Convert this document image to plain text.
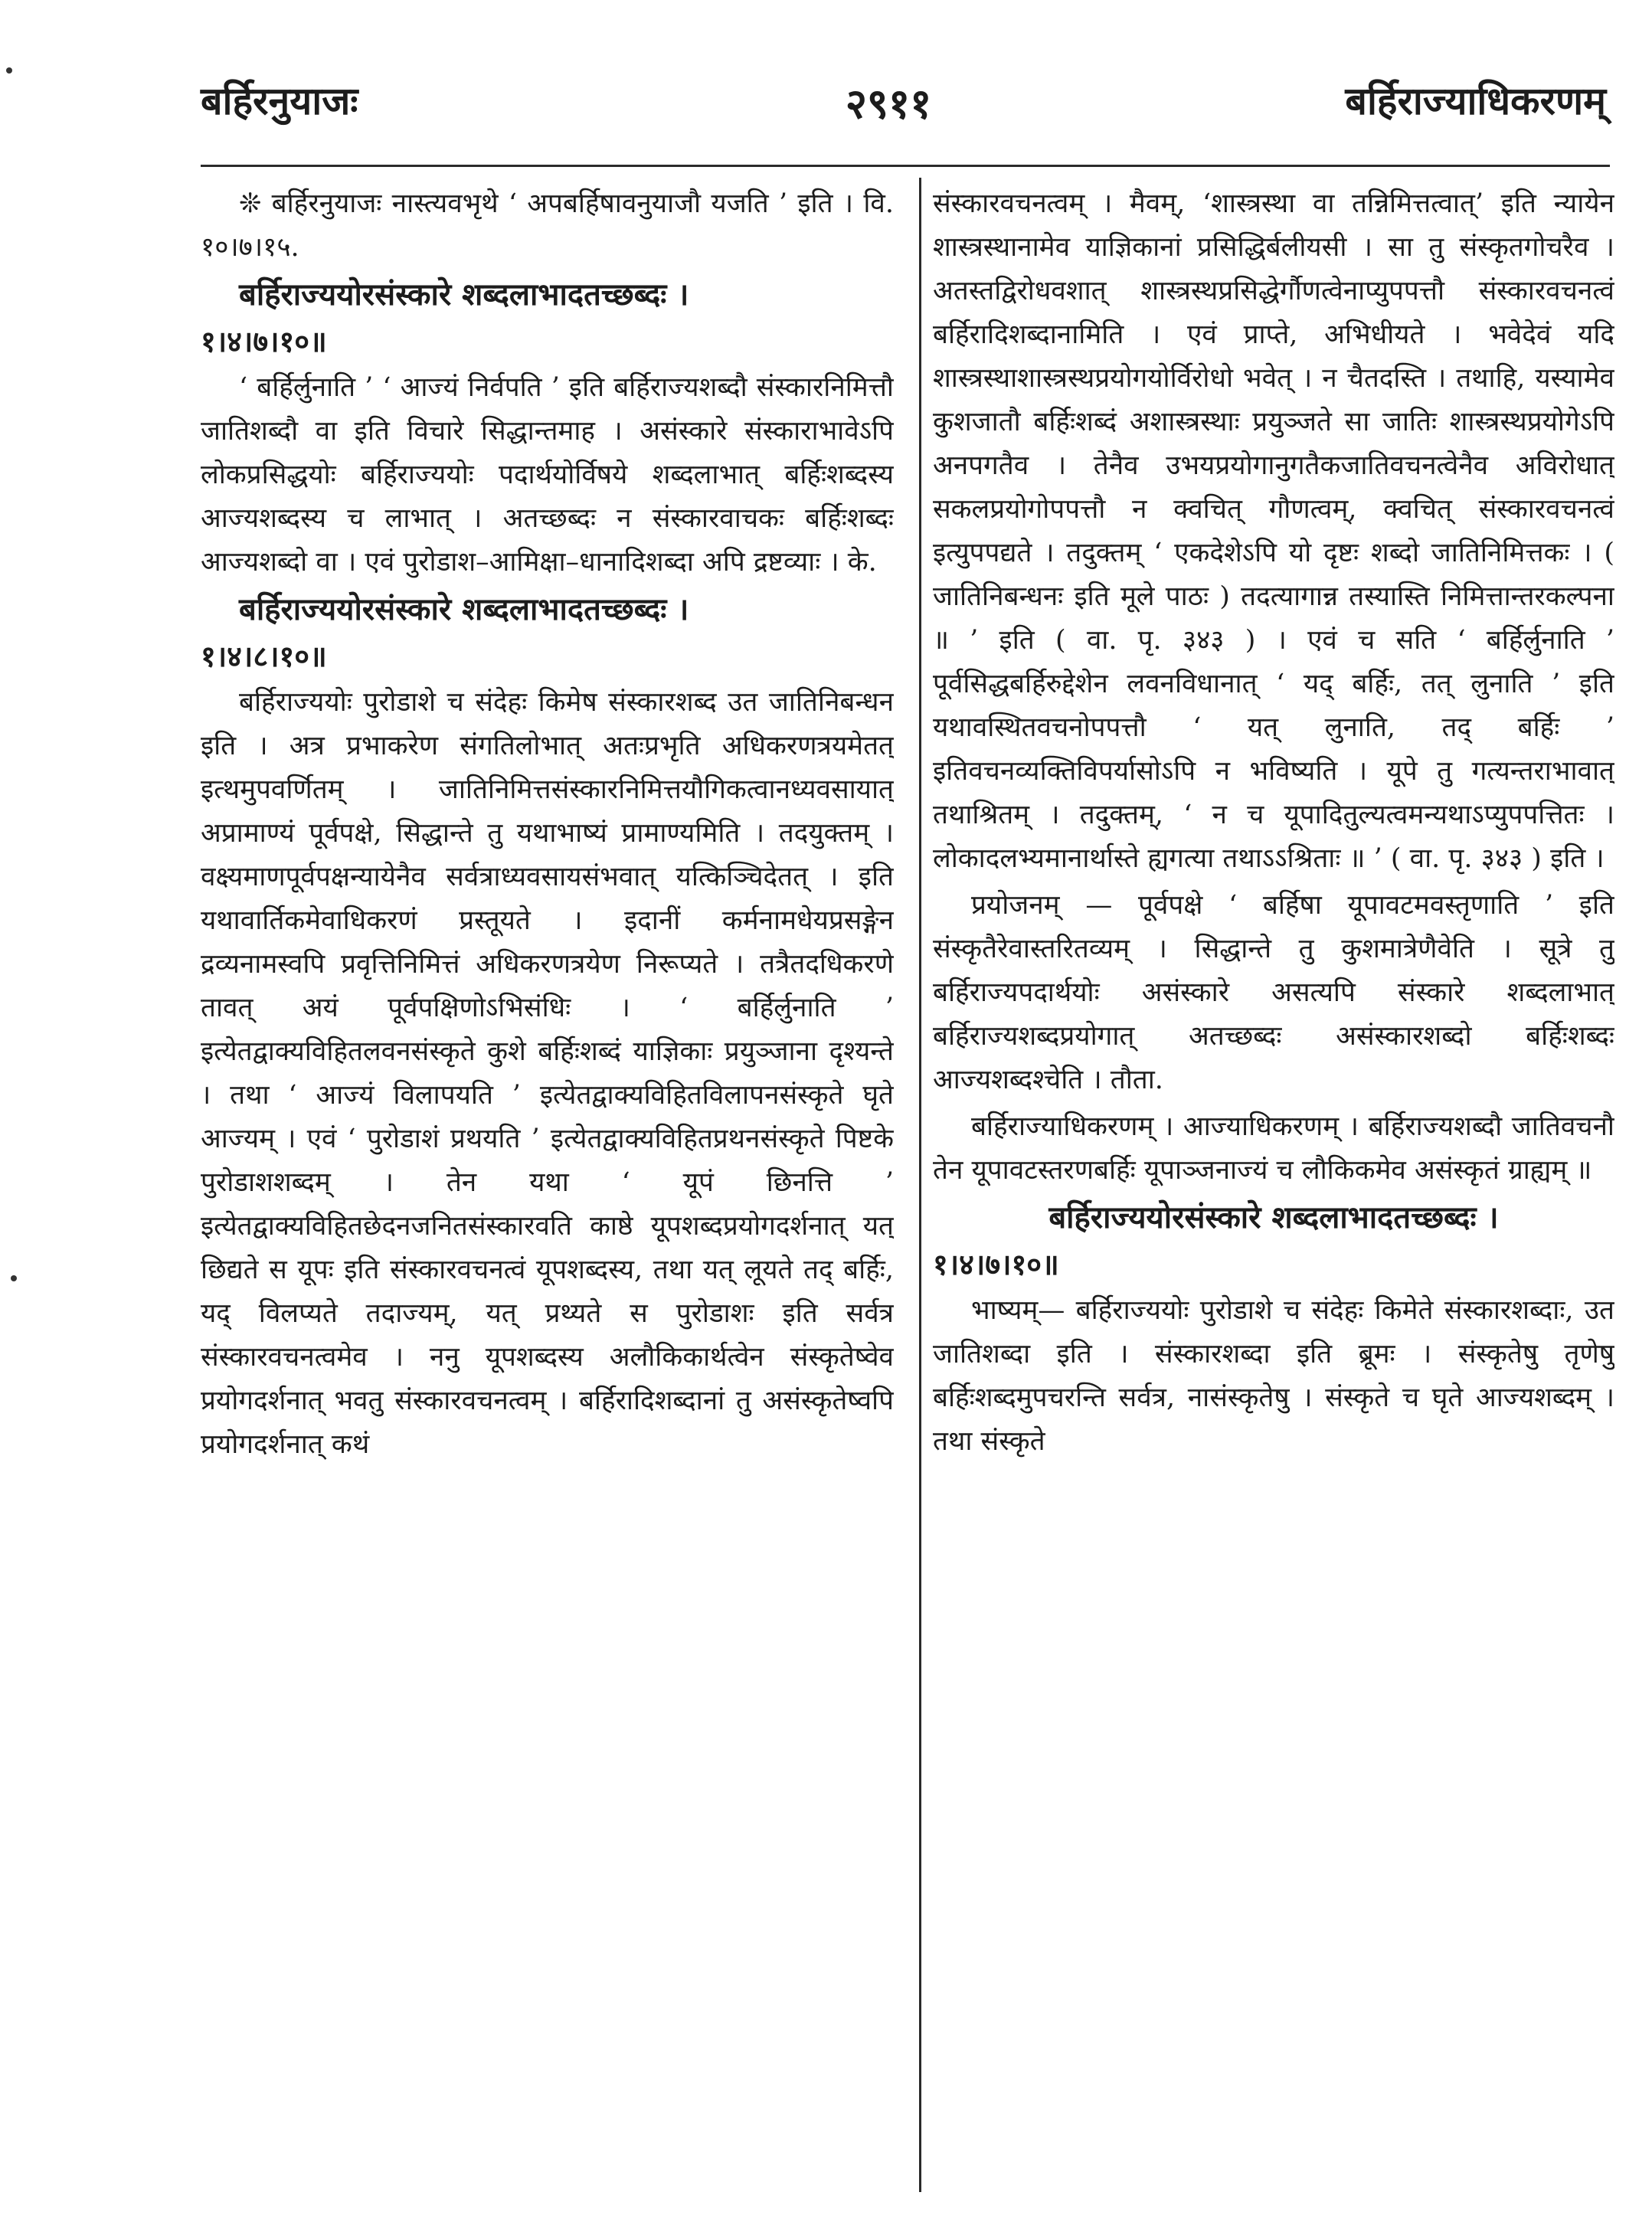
बर्हिरनुयाजः	२९११	बर्हिराज्याधिकरणम्

❊ बर्हिरनुयाजः नास्त्यवभृथे ‘ अपबर्हिषावनुयाजौ यजति ’ इति । वि. १०।७।१५.

बर्हिराज्ययोरसंस्कारे शब्दलाभादतच्छब्दः ।

१।४।७।१०॥

‘ बर्हिर्लुनाति ’ ‘ आज्यं निर्वपति ’ इति बर्हिराज्यशब्दौ संस्कारनिमित्तौ जातिशब्दौ वा इति विचारे सिद्धान्तमाह । असंस्कारे संस्काराभावेऽपि लोकप्रसिद्धयोः बर्हिराज्ययोः पदार्थयोर्विषये शब्दलाभात् बर्हिःशब्दस्य आज्यशब्दस्य च लाभात् । अतच्छब्दः न संस्कारवाचकः बर्हिःशब्दः आज्यशब्दो वा । एवं पुरोडाश–आमिक्षा–धानादिशब्दा अपि द्रष्टव्याः । के.

बर्हिराज्ययोरसंस्कारे शब्दलाभादतच्छब्दः ।

१।४।८।१०॥

बर्हिराज्ययोः पुरोडाशे च संदेहः किमेष संस्कारशब्द उत जातिनिबन्धन इति । अत्र प्रभाकरेण संगतिलोभात् अतःप्रभृति अधिकरणत्रयमेतत् इत्थमुपवर्णितम् । जातिनिमित्तसंस्कारनिमित्तयौगिकत्वानध्यवसायात् अप्रामाण्यं पूर्वपक्षे, सिद्धान्ते तु यथाभाष्यं प्रामाण्यमिति । तदयुक्तम् । वक्ष्यमाणपूर्वपक्षन्यायेनैव सर्वत्राध्यवसायसंभवात् यत्किञ्चिदेतत् । इति यथावार्तिकमेवाधिकरणं प्रस्तूयते । इदानीं कर्मनामधेयप्रसङ्गेन द्रव्यनामस्वपि प्रवृत्तिनिमित्तं अधिकरणत्रयेण निरूप्यते । तत्रैतदधिकरणे तावत् अयं पूर्वपक्षिणोऽभिसंधिः । ‘ बर्हिर्लुनाति ’ इत्येतद्वाक्यविहितलवनसंस्कृते कुशे बर्हिःशब्दं याज्ञिकाः प्रयुञ्जाना दृश्यन्ते । तथा ‘ आज्यं विलापयति ’ इत्येतद्वाक्यविहितविलापनसंस्कृते घृते आज्यम् । एवं ‘ पुरोडाशं प्रथयति ’ इत्येतद्वाक्यविहितप्रथनसंस्कृते पिष्टके पुरोडाशशब्दम् । तेन यथा ‘ यूपं छिनत्ति ’ इत्येतद्वाक्यविहितछेदनजनितसंस्कारवति काष्ठे यूपशब्दप्रयोगदर्शनात् यत् छिद्यते स यूपः इति संस्कारवचनत्वं यूपशब्दस्य, तथा यत् लूयते तद् बर्हिः, यद् विलप्यते तदाज्यम्, यत् प्रथ्यते स पुरोडाशः इति सर्वत्र संस्कारवचनत्वमेव । ननु यूपशब्दस्य अलौकिकार्थत्वेन संस्कृतेष्वेव प्रयोगदर्शनात् भवतु संस्कारवचनत्वम् । बर्हिरादिशब्दानां तु असंस्कृतेष्वपि प्रयोगदर्शनात् कथं

संस्कारवचनत्वम् । मैवम्, ‘शास्त्रस्था वा तन्निमित्तत्वात्’ इति न्यायेन शास्त्रस्थानामेव याज्ञिकानां प्रसिद्धिर्बलीयसी । सा तु संस्कृतगोचरैव । अतस्तद्विरोधवशात् शास्त्रस्थप्रसिद्धेर्गौणत्वेनाप्युपपत्तौ संस्कारवचनत्वं बर्हिरादिशब्दानामिति । एवं प्राप्ते, अभिधीयते । भवेदेवं यदि शास्त्रस्थाशास्त्रस्थप्रयोगयोर्विरोधो भवेत् । न चैतदस्ति । तथाहि, यस्यामेव कुशजातौ बर्हिःशब्दं अशास्त्रस्थाः प्रयुञ्जते सा जातिः शास्त्रस्थप्रयोगेऽपि अनपगतैव । तेनैव उभयप्रयोगानुगतैकजातिवचनत्वेनैव अविरोधात् सकलप्रयोगोपपत्तौ न क्वचित् गौणत्वम्, क्वचित् संस्कारवचनत्वं इत्युपपद्यते । तदुक्तम् ‘ एकदेशेऽपि यो दृष्टः शब्दो जातिनिमित्तकः । ( जातिनिबन्धनः इति मूले पाठः ) तदत्यागान्न तस्यास्ति निमित्तान्तरकल्पना ॥ ’ इति ( वा. पृ. ३४३ ) । एवं च सति ‘ बर्हिर्लुनाति ’ पूर्वसिद्धबर्हिरुद्देशेन लवनविधानात् ‘ यद् बर्हिः, तत् लुनाति ’ इति यथावस्थितवचनोपपत्तौ ‘ यत् लुनाति, तद् बर्हिः ’ इतिवचनव्यक्तिविपर्यासोऽपि न भविष्यति । यूपे तु गत्यन्तराभावात् तथाश्रितम् । तदुक्तम्, ‘ न च यूपादितुल्यत्वमन्यथाऽप्युपपत्तितः । लोकादलभ्यमानार्थास्ते ह्यगत्या तथाऽऽश्रिताः ॥ ’ ( वा. पृ. ३४३ ) इति ।

प्रयोजनम् — पूर्वपक्षे ‘ बर्हिषा यूपावटमवस्तृणाति ’ इति संस्कृतैरेवास्तरितव्यम् । सिद्धान्ते तु कुशमात्रेणैवेति । सूत्रे तु बर्हिराज्यपदार्थयोः असंस्कारे असत्यपि संस्कारे शब्दलाभात् बर्हिराज्यशब्दप्रयोगात् अतच्छब्दः असंस्कारशब्दो बर्हिःशब्दः आज्यशब्दश्चेति । तौता.

बर्हिराज्याधिकरणम् । आज्याधिकरणम् । बर्हिराज्यशब्दौ जातिवचनौ तेन यूपावटस्तरणबर्हिः यूपाञ्जनाज्यं च लौकिकमेव असंस्कृतं ग्राह्यम् ॥

बर्हिराज्ययोरसंस्कारे शब्दलाभादतच्छब्दः ।

१।४।७।१०॥

भाष्यम्— बर्हिराज्ययोः पुरोडाशे च संदेहः किमेते संस्कारशब्दाः, उत जातिशब्दा इति । संस्कारशब्दा इति ब्रूमः । संस्कृतेषु तृणेषु बर्हिःशब्दमुपचरन्ति सर्वत्र, नासंस्कृतेषु । संस्कृते च घृते आज्यशब्दम् । तथा संस्कृते
